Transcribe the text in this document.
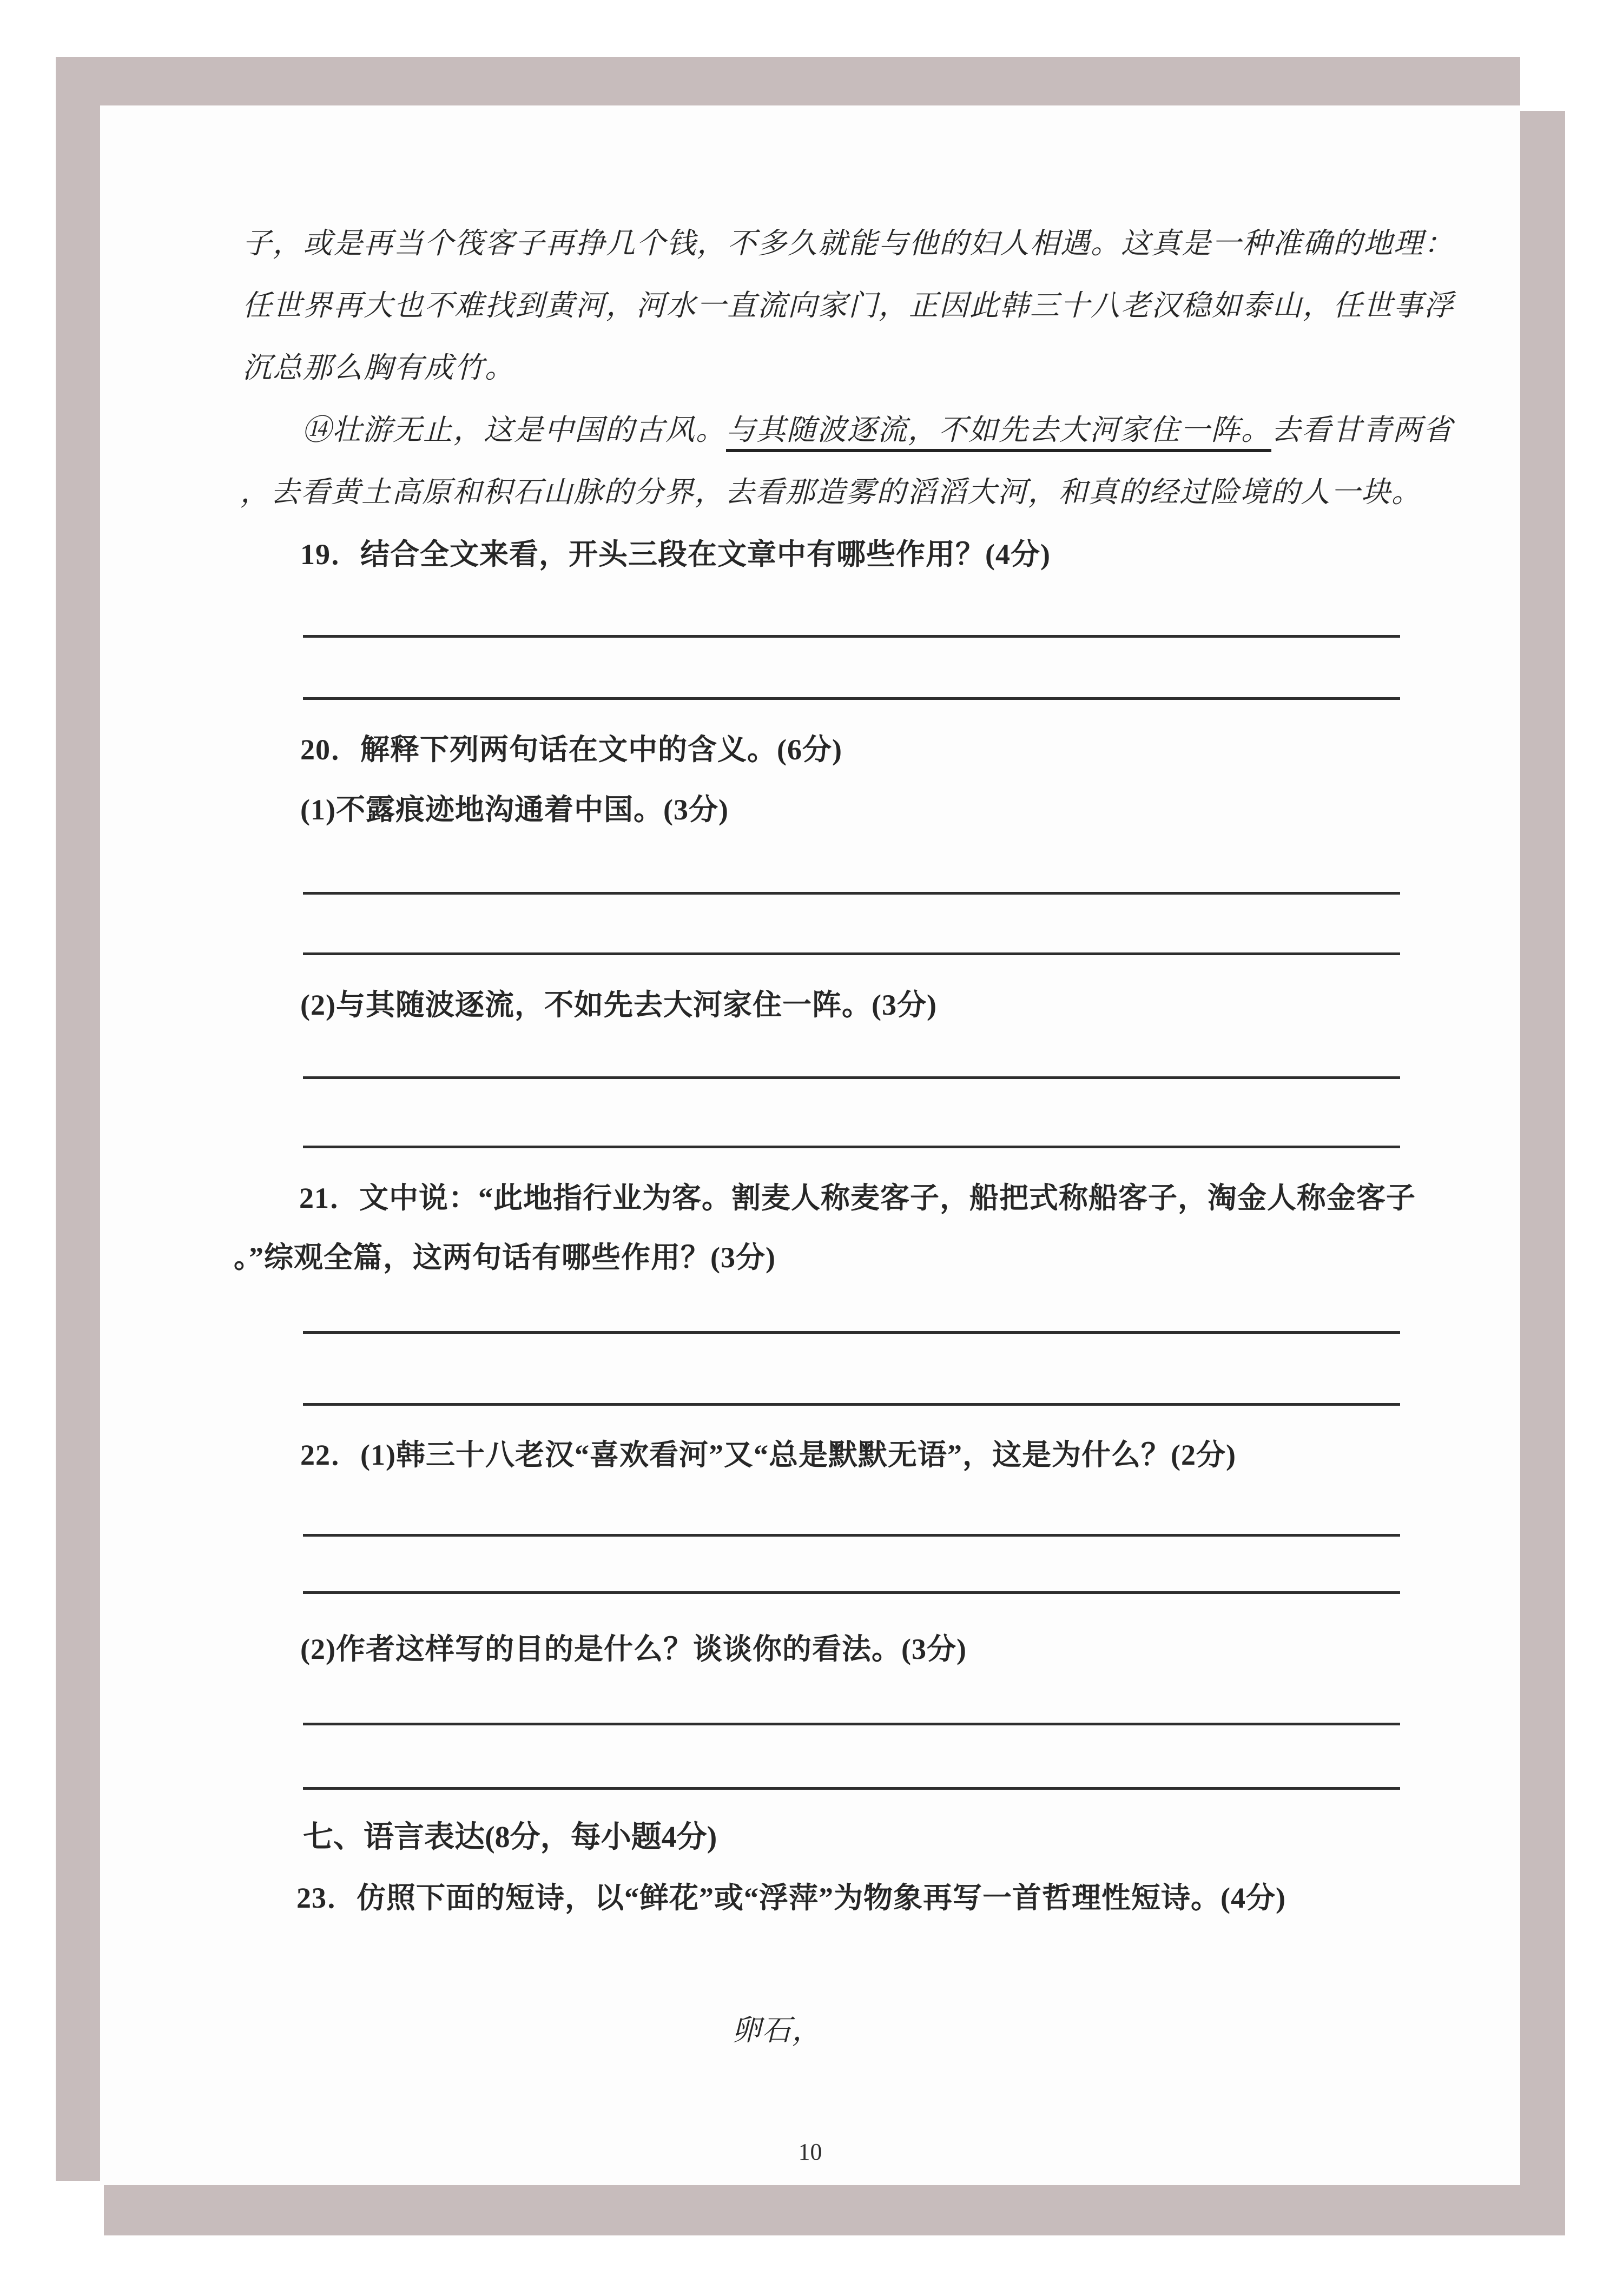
子，或是再当个筏客子再挣几个钱，不多久就能与他的妇人相遇。这真是一种准确的地理：
任世界再大也不难找到黄河，河水一直流向家门，正因此韩三十八老汉稳如泰山，任世事浮
沉总那么胸有成竹。
⑭壮游无止，这是中国的古风。与其随波逐流，不如先去大河家住一阵。去看甘青两省
，去看黄土高原和积石山脉的分界，去看那造雾的滔滔大河，和真的经过险境的人一块。
19．结合全文来看，开头三段在文章中有哪些作用？(4分)
20．解释下列两句话在文中的含义。(6分)
(1)不露痕迹地沟通着中国。(3分)
(2)与其随波逐流，不如先去大河家住一阵。(3分)
21．文中说：“此地指行业为客。割麦人称麦客子，船把式称船客子，淘金人称金客子
。”综观全篇，这两句话有哪些作用？(3分)
22．(1)韩三十八老汉“喜欢看河”又“总是默默无语”，这是为什么？(2分)
(2)作者这样写的目的是什么？谈谈你的看法。(3分)
七、语言表达(8分，每小题4分)
23．仿照下面的短诗，以“鲜花”或“浮萍”为物象再写一首哲理性短诗。(4分)
卵石，
10
